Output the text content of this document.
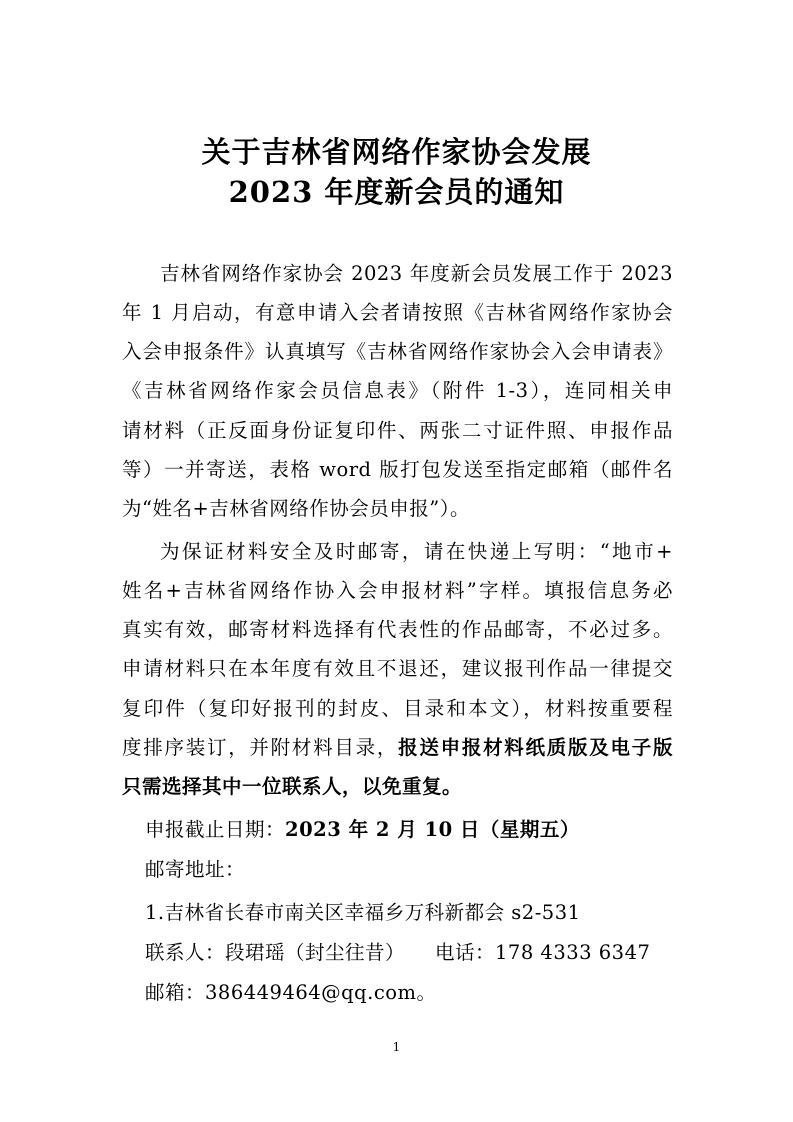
关于吉林省网络作家协会发展
2023 年度新会员的通知
吉林省网络作家协会 2023 年度新会员发展工作于 2023
年 1 月启动，有意申请入会者请按照《吉林省网络作家协会
入会申报条件》认真填写《吉林省网络作家协会入会申请表》
《吉林省网络作家会员信息表》（附件 1-3），连同相关申
请材料（正反面身份证复印件、两张二寸证件照、申报作品
等）一并寄送，表格 word 版打包发送至指定邮箱（邮件名
为“姓名+吉林省网络作协会员申报”）。
为保证材料安全及时邮寄，请在快递上写明：“地市+
姓名+吉林省网络作协入会申报材料”字样。填报信息务必
真实有效，邮寄材料选择有代表性的作品邮寄，不必过多。
申请材料只在本年度有效且不退还，建议报刊作品一律提交
复印件（复印好报刊的封皮、目录和本文），材料按重要程
度排序装订，并附材料目录，报送申报材料纸质版及电子版
只需选择其中一位联系人，以免重复。
申报截止日期：2023 年 2 月 10 日（星期五）
邮寄地址：
1.吉林省长春市南关区幸福乡万科新都会 s2-531
联系人：段珺瑶（封尘往昔） 电话：178 4333 6347
邮箱：386449464@qq.com。
1
